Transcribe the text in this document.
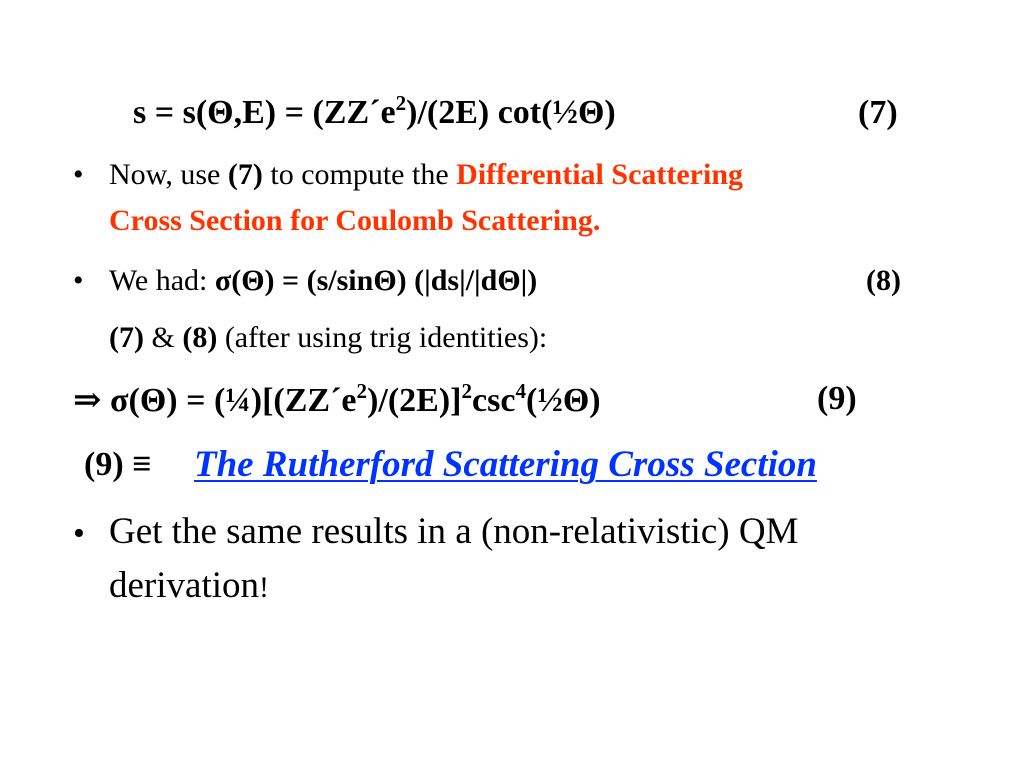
$s = s(\Theta,E) = (ZZ´e^2)/(2E)$ cot(½Θ)	(7)
• Now, use (7) to compute the Differential Scattering
Cross Section for Coulomb Scattering.
• We had: σ(Θ) = (s/sinΘ) (|ds|/|dΘ|)	(8)
(7) & (8) (after using trig identities):
⇒ $\sigma(\Theta) = (\frac{1}{4})[(ZZ´e^2)/(2E)]^2\csc^4(\frac{1}{2}\Theta)$	(9)
(9) ≡ The Rutherford Scattering Cross Section
• Get the same results in a (non-relativistic) QM
derivation!
